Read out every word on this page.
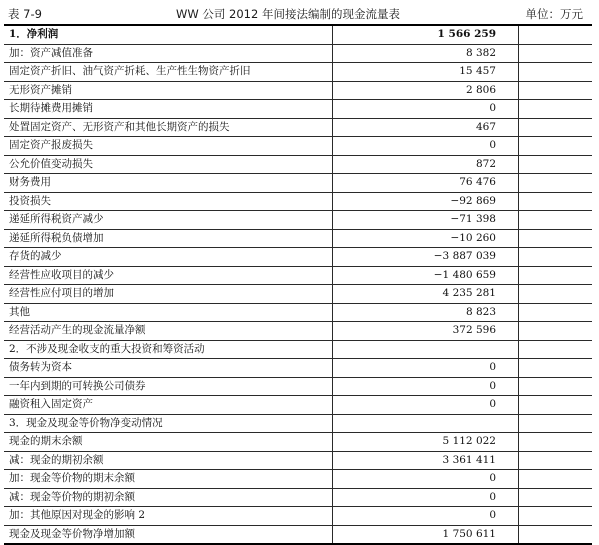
表 7-9	WW 公司 2012 年间接法编制的现金流量表	单位：万元
1．净利润	1 566 259	
加：资产减值准备	8 382	
固定资产折旧、油气资产折耗、生产性生物资产折旧	15 457	
无形资产摊销	2 806	
长期待摊费用摊销	0	
处置固定资产、无形资产和其他长期资产的损失	467	
固定资产报废损失	0	
公允价值变动损失	872	
财务费用	76 476	
投资损失	−92 869	
递延所得税资产减少	−71 398	
递延所得税负债增加	−10 260	
存货的减少	−3 887 039	
经营性应收项目的减少	−1 480 659	
经营性应付项目的增加	4 235 281	
其他	8 823	
经营活动产生的现金流量净额	372 596	
2．不涉及现金收支的重大投资和筹资活动		
债务转为资本	0	
一年内到期的可转换公司债券	0	
融资租入固定资产	0	
3．现金及现金等价物净变动情况		
现金的期末余额	5 112 022	
减：现金的期初余额	3 361 411	
加：现金等价物的期末余额	0	
减：现金等价物的期初余额	0	
加：其他原因对现金的影响 2	0	
现金及现金等价物净增加额	1 750 611	
